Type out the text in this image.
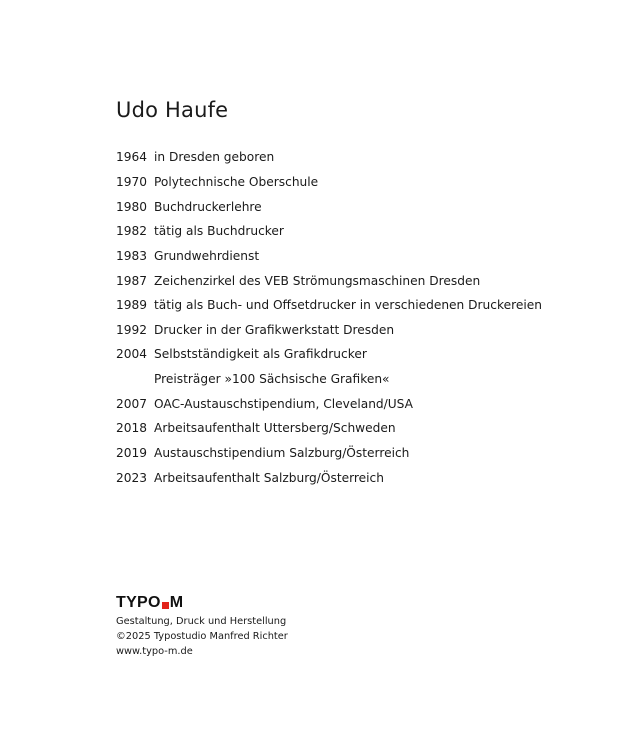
Udo Haufe
1964 in Dresden geboren
1970 Polytechnische Oberschule
1980 Buchdruckerlehre
1982 tätig als Buchdrucker
1983 Grundwehrdienst
1987 Zeichenzirkel des VEB Strömungsmaschinen Dresden
1989 tätig als Buch- und Offsetdrucker in verschiedenen Druckereien
1992 Drucker in der Grafikwerkstatt Dresden
2004 Selbstständigkeit als Grafikdrucker
Preisträger »100 Sächsische Grafiken«
2007 OAC-Austauschstipendium, Cleveland/USA
2018 Arbeitsaufenthalt Uttersberg/Schweden
2019 Austauschstipendium Salzburg/Österreich
2023 Arbeitsaufenthalt Salzburg/Österreich
TYPO M
Gestaltung, Druck und Herstellung
©2025 Typostudio Manfred Richter
www.typo-m.de
